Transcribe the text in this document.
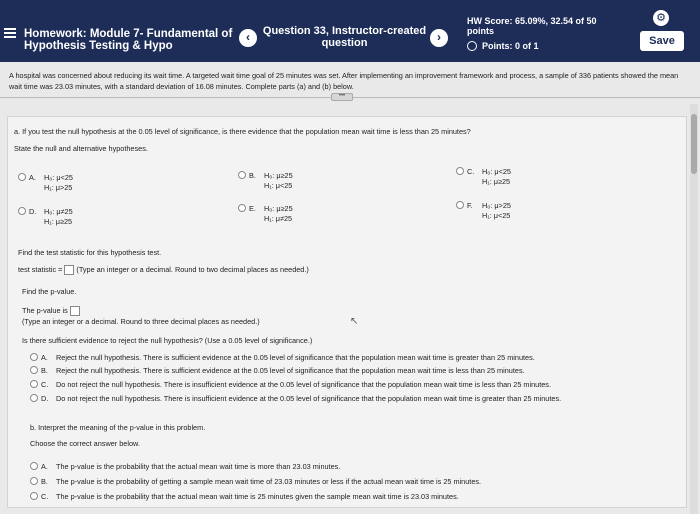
Homework: Module 7- Fundamental of Hypothesis Testing & Hypo
‹	Question 33, Instructor-created question	›
HW Score: 65.09%, 32.54 of 50 points
Points: 0 of 1
⚙
Save
A hospital was concerned about reducing its wait time. A targeted wait time goal of 25 minutes was set. After implementing an improvement framework and process, a sample of 336 patients showed the mean wait time was 23.03 minutes, with a standard deviation of 16.08 minutes. Complete parts (a) and (b) below.
•••
a. If you test the null hypothesis at the 0.05 level of significance, is there evidence that the population mean wait time is less than 25 minutes?
State the null and alternative hypotheses.
A.	H₀: μ<25
H₁: μ>25
B.	H₀: μ≥25
H₁: μ<25
C.	H₀: μ<25
H₁: μ≥25
D.	H₀: μ≠25
H₁: μ≥25
E.	H₀: μ≥25
H₁: μ≠25
F.	H₀: μ>25
H₁: μ<25
Find the test statistic for this hypothesis test.
test statistic = (Type an integer or a decimal. Round to two decimal places as needed.)
Find the p-value.
The p-value is
(Type an integer or a decimal. Round to three decimal places as needed.)
Is there sufficient evidence to reject the null hypothesis? (Use a 0.05 level of significance.)
A.	Reject the null hypothesis. There is sufficient evidence at the 0.05 level of significance that the population mean wait time is greater than 25 minutes.
B.	Reject the null hypothesis. There is sufficient evidence at the 0.05 level of significance that the population mean wait time is less than 25 minutes.
C.	Do not reject the null hypothesis. There is insufficient evidence at the 0.05 level of significance that the population mean wait time is less than 25 minutes.
D.	Do not reject the null hypothesis. There is insufficient evidence at the 0.05 level of significance that the population mean wait time is greater than 25 minutes.
b. Interpret the meaning of the p-value in this problem.
Choose the correct answer below.
A.	The p-value is the probability that the actual mean wait time is more than 23.03 minutes.
B.	The p-value is the probability of getting a sample mean wait time of 23.03 minutes or less if the actual mean wait time is 25 minutes.
C.	The p-value is the probability that the actual mean wait time is 25 minutes given the sample mean wait time is 23.03 minutes.
↖
